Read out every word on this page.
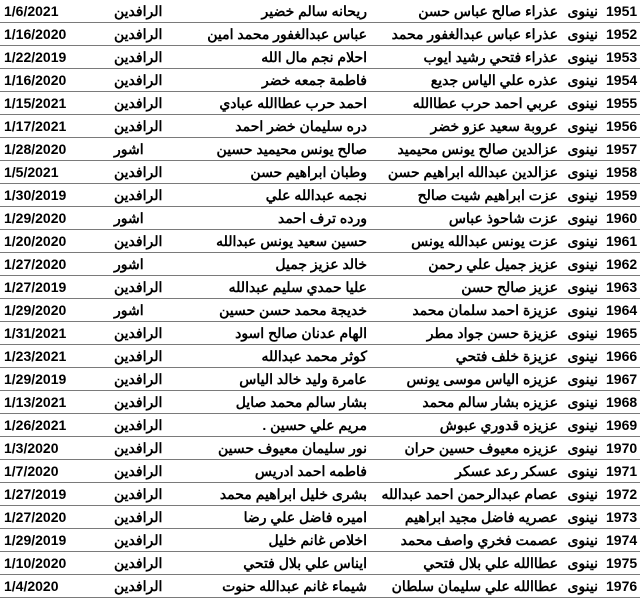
1/6/2021	الرافدين	ريحانه سالم خضير	عذراء صالح عباس حسن	نينوى	1951
1/16/2020	الرافدين	عباس عبدالغفور محمد امين	عذراء عباس عبدالغفور محمد	نينوى	1952
1/22/2019	الرافدين	احلام نجم مال الله	عذراء فتحي رشيد ايوب	نينوى	1953
1/16/2020	الرافدين	فاطمة جمعه خضر	عذره علي الياس جديع	نينوى	1954
1/15/2021	الرافدين	احمد حرب عطاالله عبادي	عربي احمد حرب عطاالله	نينوى	1955
1/17/2021	الرافدين	دره سليمان خضر احمد	عروبة سعيد عزو خضر	نينوى	1956
1/28/2020	اشور	صالح يونس محيميد حسين	عزالدين صالح يونس محيميد	نينوى	1957
1/5/2021	الرافدين	وطبان ابراهيم حسن	عزالدين عبدالله ابراهيم حسن	نينوى	1958
1/30/2019	الرافدين	نجمه عبدالله علي	عزت ابراهيم شيت صالح	نينوى	1959
1/29/2020	اشور	ورده ترف احمد	عزت شاحوذ عباس	نينوى	1960
1/20/2020	الرافدين	حسين سعيد يونس عبدالله	عزت يونس عبدالله يونس	نينوى	1961
1/27/2020	اشور	خالد عزيز جميل	عزيز جميل علي رحمن	نينوى	1962
1/27/2019	الرافدين	عليا حمدي سليم عبدالله	عزيز صالح حسن	نينوى	1963
1/29/2020	اشور	خديجة محمد حسن حسين	عزيزة احمد سلمان محمد	نينوى	1964
1/31/2021	الرافدين	الهام عدنان صالح اسود	عزيزة حسن جواد مطر	نينوى	1965
1/23/2021	الرافدين	كوثر محمد عبدالله	عزيزة خلف فتحي	نينوى	1966
1/29/2019	الرافدين	عامرة وليد خالد الياس	عزيزه الياس موسى يونس	نينوى	1967
1/13/2021	الرافدين	بشار سالم محمد صايل	عزيزه بشار سالم محمد	نينوى	1968
1/26/2021	الرافدين	مريم علي حسين .	عزيزه قدوري عبوش	نينوى	1969
1/3/2020	الرافدين	نور سليمان معيوف حسين	عزيزه معيوف حسين حران	نينوى	1970
1/7/2020	الرافدين	فاطمه احمد ادريس	عسكر رعد عسكر	نينوى	1971
1/27/2019	الرافدين	بشرى خليل ابراهيم محمد	عصام عبدالرحمن احمد عبدالله	نينوى	1972
1/27/2020	الرافدين	اميره فاضل علي رضا	عصريه فاضل مجيد ابراهيم	نينوى	1973
1/29/2019	الرافدين	اخلاص غانم خليل	عصمت فخري واصف محمد	نينوى	1974
1/10/2020	الرافدين	ايناس علي بلال فتحي	عطاالله علي بلال فتحي	نينوى	1975
1/4/2020	الرافدين	شيماء غانم عبدالله حنوت	عطاالله علي سليمان سلطان	نينوى	1976
